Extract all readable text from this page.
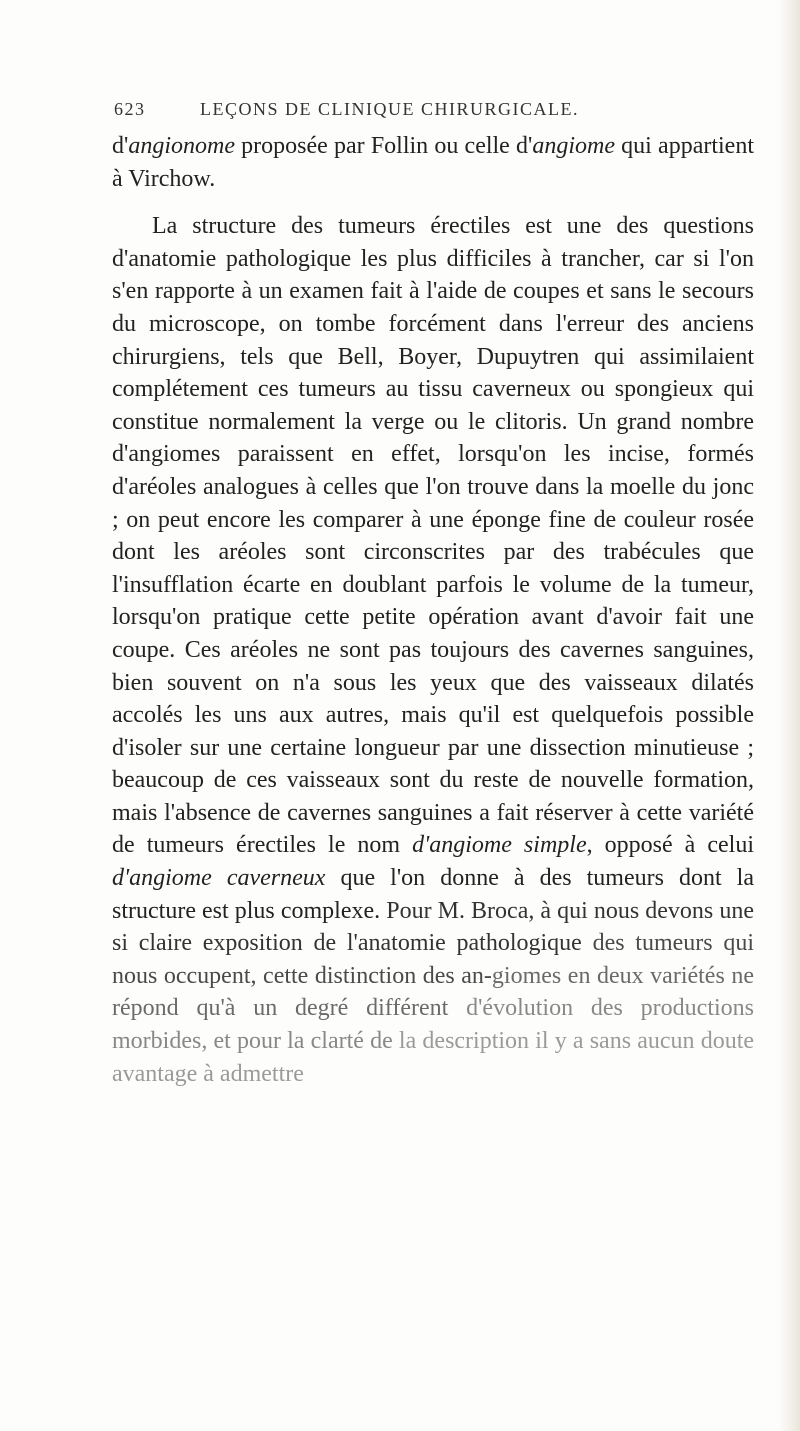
623	LEÇONS DE CLINIQUE CHIRURGICALE.

d'angionome proposée par Follin ou celle d'angiome qui appartient à Virchow.

La structure des tumeurs érectiles est une des questions d'anatomie pathologique les plus difficiles à trancher, car si l'on s'en rapporte à un examen fait à l'aide de coupes et sans le secours du microscope, on tombe forcément dans l'erreur des anciens chirurgiens, tels que Bell, Boyer, Dupuytren qui assimilaient complétement ces tumeurs au tissu caverneux ou spongieux qui constitue normalement la verge ou le clitoris. Un grand nombre d'angiomes paraissent en effet, lorsqu'on les incise, formés d'aréoles analogues à celles que l'on trouve dans la moelle du jonc ; on peut encore les comparer à une éponge fine de couleur rosée dont les aréoles sont circonscrites par des trabécules que l'insufflation écarte en doublant parfois le volume de la tumeur, lorsqu'on pratique cette petite opération avant d'avoir fait une coupe. Ces aréoles ne sont pas toujours des cavernes sanguines, bien souvent on n'a sous les yeux que des vaisseaux dilatés accolés les uns aux autres, mais qu'il est quelquefois possible d'isoler sur une certaine longueur par une dissection minutieuse ; beaucoup de ces vaisseaux sont du reste de nouvelle formation, mais l'absence de cavernes sanguines a fait réserver à cette variété de tumeurs érectiles le nom d'angiome simple, opposé à celui d'angiome caverneux que l'on donne à des tumeurs dont la structure est plus complexe. Pour M. Broca, à qui nous devons une si claire exposition de l'anatomie pathologique des tumeurs qui nous occupent, cette distinction des an-giomes en deux variétés ne répond qu'à un degré différent d'évolution des productions morbides, et pour la clarté de la description il y a sans aucun doute avantage à admettre
